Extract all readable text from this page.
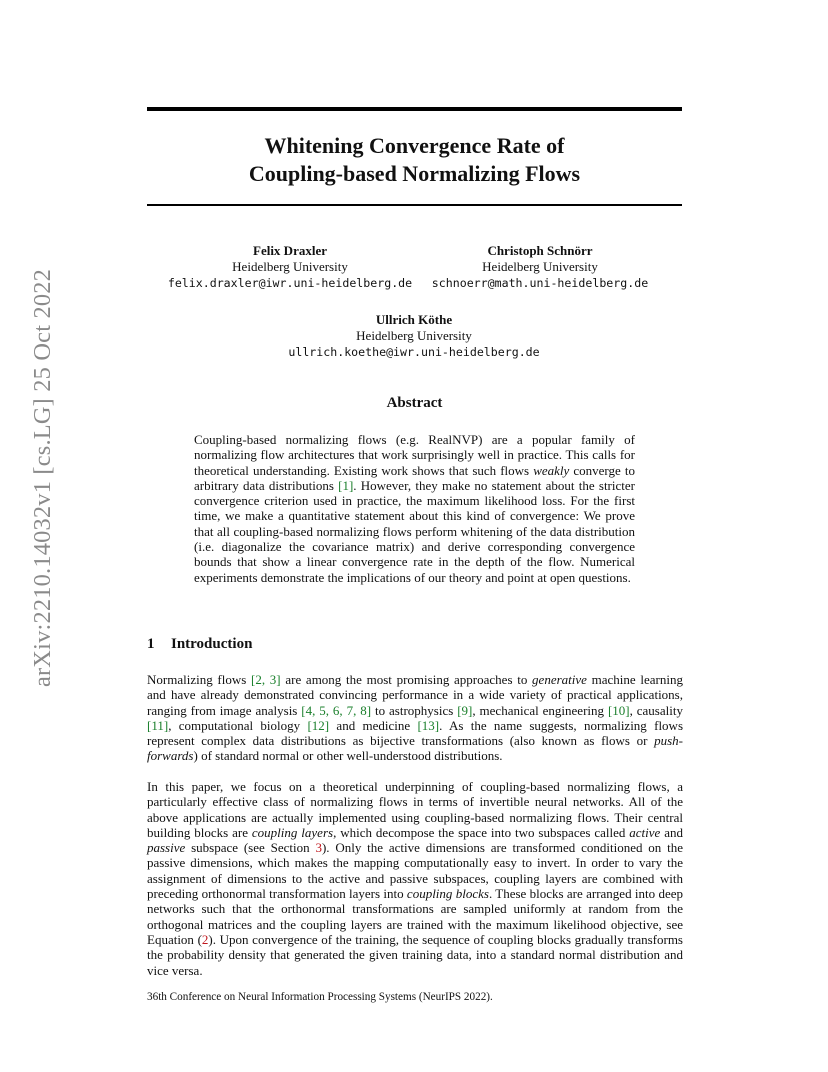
arXiv:2210.14032v1 [cs.LG] 25 Oct 2022
Whitening Convergence Rate of
Coupling-based Normalizing Flows
Felix Draxler
Heidelberg University
felix.draxler@iwr.uni-heidelberg.de
Christoph Schnörr
Heidelberg University
schnoerr@math.uni-heidelberg.de
Ullrich Köthe
Heidelberg University
ullrich.koethe@iwr.uni-heidelberg.de
Abstract

Coupling-based normalizing flows (e.g. RealNVP) are a popular family of normalizing flow architectures that work surprisingly well in practice. This calls for theoretical understanding. Existing work shows that such flows weakly converge to arbitrary data distributions [1]. However, they make no statement about the stricter convergence criterion used in practice, the maximum likelihood loss. For the first time, we make a quantitative statement about this kind of convergence: We prove that all coupling-based normalizing flows perform whitening of the data distribution (i.e. diagonalize the covariance matrix) and derive corresponding convergence bounds that show a linear convergence rate in the depth of the flow. Numerical experiments demonstrate the implications of our theory and point at open questions.

1 Introduction

Normalizing flows [2, 3] are among the most promising approaches to generative machine learning and have already demonstrated convincing performance in a wide variety of practical applications, ranging from image analysis [4, 5, 6, 7, 8] to astrophysics [9], mechanical engineering [10], causality [11], computational biology [12] and medicine [13]. As the name suggests, normalizing flows represent complex data distributions as bijective transformations (also known as flows or push-forwards) of standard normal or other well-understood distributions.

In this paper, we focus on a theoretical underpinning of coupling-based normalizing flows, a particularly effective class of normalizing flows in terms of invertible neural networks. All of the above applications are actually implemented using coupling-based normalizing flows. Their central building blocks are coupling layers, which decompose the space into two subspaces called active and passive subspace (see Section 3). Only the active dimensions are transformed conditioned on the passive dimensions, which makes the mapping computationally easy to invert. In order to vary the assignment of dimensions to the active and passive subspaces, coupling layers are combined with preceding orthonormal transformation layers into coupling blocks. These blocks are arranged into deep networks such that the orthonormal transformations are sampled uniformly at random from the orthogonal matrices and the coupling layers are trained with the maximum likelihood objective, see Equation (2). Upon convergence of the training, the sequence of coupling blocks gradually transforms the probability density that generated the given training data, into a standard normal distribution and vice versa.

36th Conference on Neural Information Processing Systems (NeurIPS 2022).
